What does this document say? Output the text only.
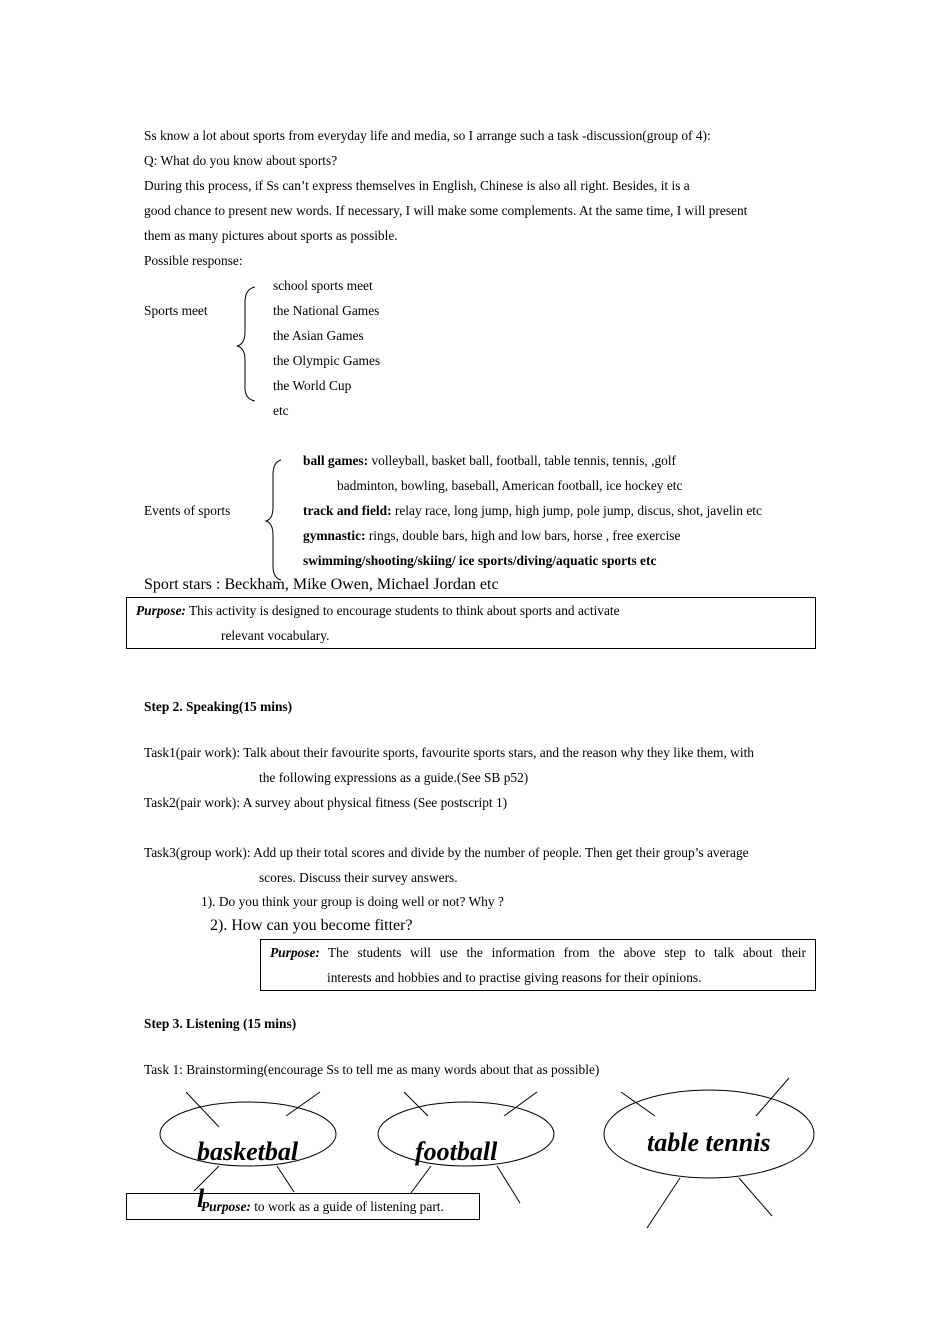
Ss know a lot about sports from everyday life and media, so I arrange such a task -discussion(group of 4):
Q: What do you know about sports?
During this process, if Ss can’t express themselves in English, Chinese is also all right. Besides, it is a
good chance to present new words. If necessary, I will make some complements. At the same time, I will present
them as many pictures about sports as possible.
Possible response:
Sports meet
school sports meet
the National Games
the Asian Games
the Olympic Games
the World Cup
etc
Events of sports
ball games: volleyball, basket ball, football, table tennis, tennis, ,golf
badminton, bowling, baseball, American football, ice hockey etc
track and field: relay race, long jump, high jump, pole jump, discus, shot, javelin etc
gymnastic: rings, double bars, high and low bars, horse , free exercise
swimming/shooting/skiing/ ice sports/diving/aquatic sports etc
Sport stars : Beckham, Mike Owen, Michael Jordan etc
Purpose: This activity is designed to encourage students to think about sports and activate
relevant vocabulary.
Step 2. Speaking(15 mins)
Task1(pair work): Talk about their favourite sports, favourite sports stars, and the reason why they like them, with
the following expressions as a guide.(See SB p52)
Task2(pair work): A survey about physical fitness (See postscript 1)
Task3(group work): Add up their total scores and divide by the number of people. Then get their group’s average
scores. Discuss their survey answers.
1). Do you think your group is doing well or not? Why ?
2). How can you become fitter?
Purpose: The students will use the information from the above step to talk about their
interests and hobbies and to practise giving reasons for their opinions.
Step 3. Listening (15 mins)
Task 1: Brainstorming(encourage Ss to tell me as many words about that as possible)
Purpose: to work as a guide of listening part.
basketbal
l
football	table tennis
